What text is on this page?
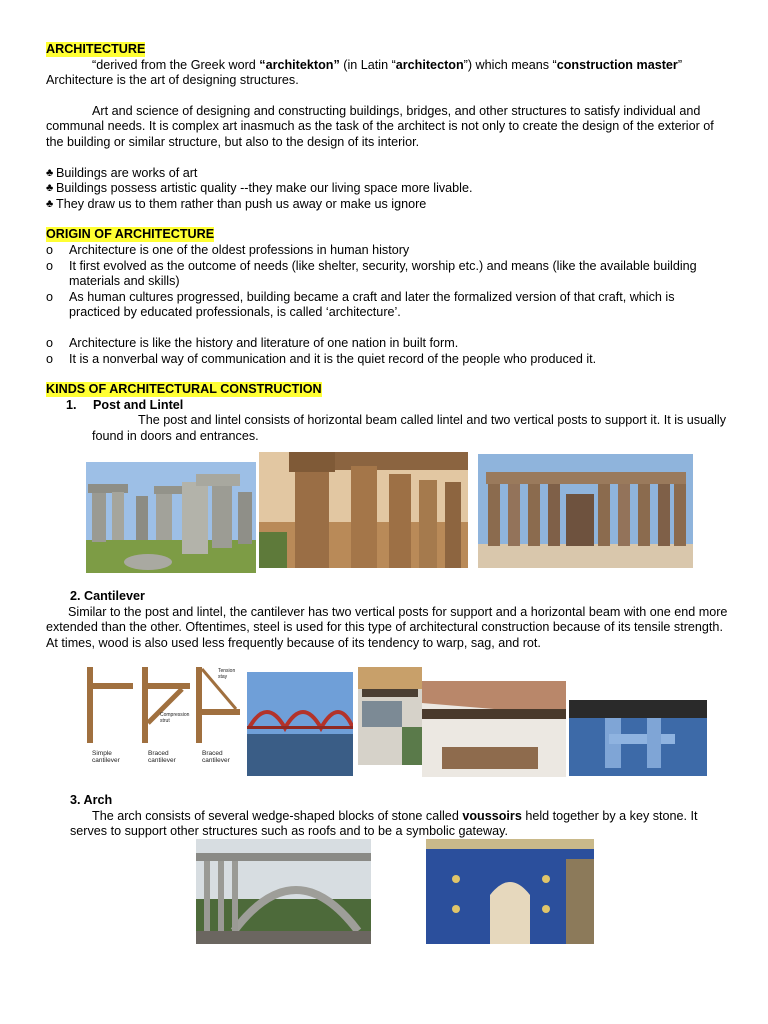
ARCHITECTURE

“derived from the Greek word “architekton” (in Latin “architecton”) which means “construction master” Architecture is the art of designing structures.

Art and science of designing and constructing buildings, bridges, and other structures to satisfy individual and communal needs. It is complex art inasmuch as the task of the architect is not only to create the design of the exterior of the building or similar structure, but also to the design of its interior.

♣ Buildings are works of art
♣ Buildings possess artistic quality --they make our living space more livable.
♣ They draw us to them rather than push us away or make us ignore
ORIGIN OF ARCHITECTURE
o	Architecture is one of the oldest professions in human history
o	It first evolved as the outcome of needs (like shelter, security, worship etc.) and means (like the available building materials and skills)
o	As human cultures progressed, building became a craft and later the formalized version of that craft, which is practiced by educated professionals, is called ‘architecture’.
o	Architecture is like the history and literature of one nation in built form.
o	It is a nonverbal way of communication and it is the quiet record of the people who produced it.
KINDS OF ARCHITECTURAL CONSTRUCTION
1. Post and Lintel

The post and lintel consists of horizontal beam called lintel and two vertical posts to support it. It is usually found in doors and entrances.

2. Cantilever

Similar to the post and lintel, the cantilever has two vertical posts for support and a horizontal beam with one end more extended than the other. Oftentimes, steel is used for this type of architectural construction because of its tensile strength. At times, wood is also used less frequently because of its tendency to warp, sag, and rot.

Simple cantilever
Braced cantilever
Braced cantilever
Compression strut
Tension stay
3. Arch

The arch consists of several wedge-shaped blocks of stone called voussoirs held together by a key stone. It serves to support other structures such as roofs and to be a symbolic gateway.
